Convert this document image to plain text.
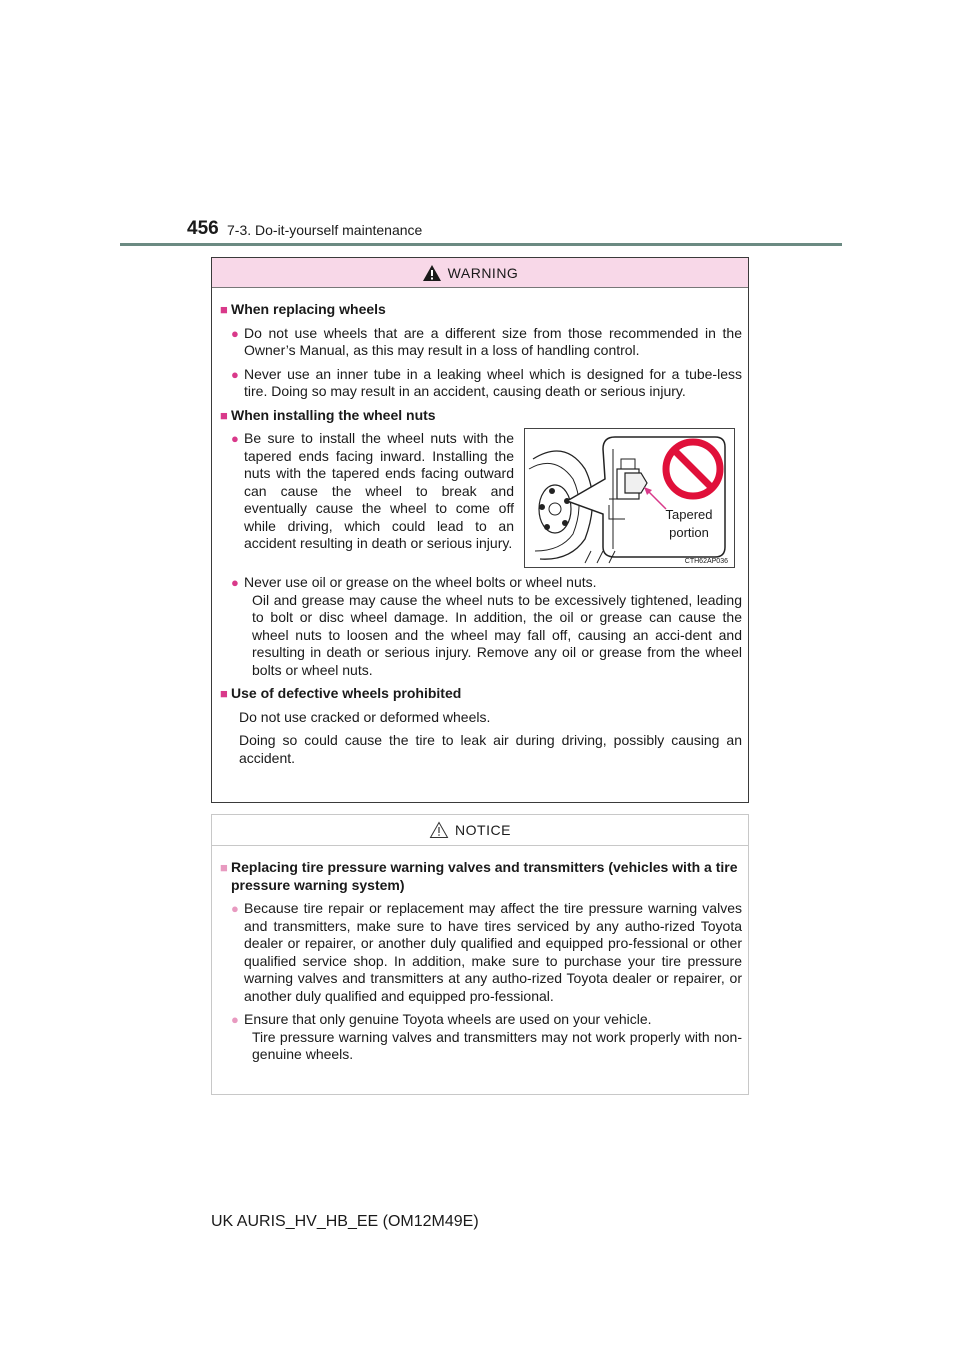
456 7-3. Do-it-yourself maintenance
WARNING
■ When replacing wheels
● Do not use wheels that are a different size from those recommended in the Owner’s Manual, as this may result in a loss of handling control.
● Never use an inner tube in a leaking wheel which is designed for a tube-less tire. Doing so may result in an accident, causing death or serious injury.
■ When installing the wheel nuts
● Be sure to install the wheel nuts with the tapered ends facing inward. Installing the nuts with the tapered ends facing outward can cause the wheel to break and eventually cause the wheel to come off while driving, which could lead to an accident resulting in death or serious injury.
Tapered
portion
CTH62AP036
● Never use oil or grease on the wheel bolts or wheel nuts.
Oil and grease may cause the wheel nuts to be excessively tightened, leading to bolt or disc wheel damage. In addition, the oil or grease can cause the wheel nuts to loosen and the wheel may fall off, causing an acci-dent and resulting in death or serious injury. Remove any oil or grease from the wheel bolts or wheel nuts.
■ Use of defective wheels prohibited
Do not use cracked or deformed wheels.
Doing so could cause the tire to leak air during driving, possibly causing an accident.
NOTICE
■ Replacing tire pressure warning valves and transmitters (vehicles with a tire pressure warning system)
● Because tire repair or replacement may affect the tire pressure warning valves and transmitters, make sure to have tires serviced by any autho-rized Toyota dealer or repairer, or another duly qualified and equipped pro-fessional or other qualified service shop. In addition, make sure to purchase your tire pressure warning valves and transmitters at any autho-rized Toyota dealer or repairer, or another duly qualified and equipped pro-fessional.
● Ensure that only genuine Toyota wheels are used on your vehicle.
Tire pressure warning valves and transmitters may not work properly with non-genuine wheels.
UK AURIS_HV_HB_EE (OM12M49E)
